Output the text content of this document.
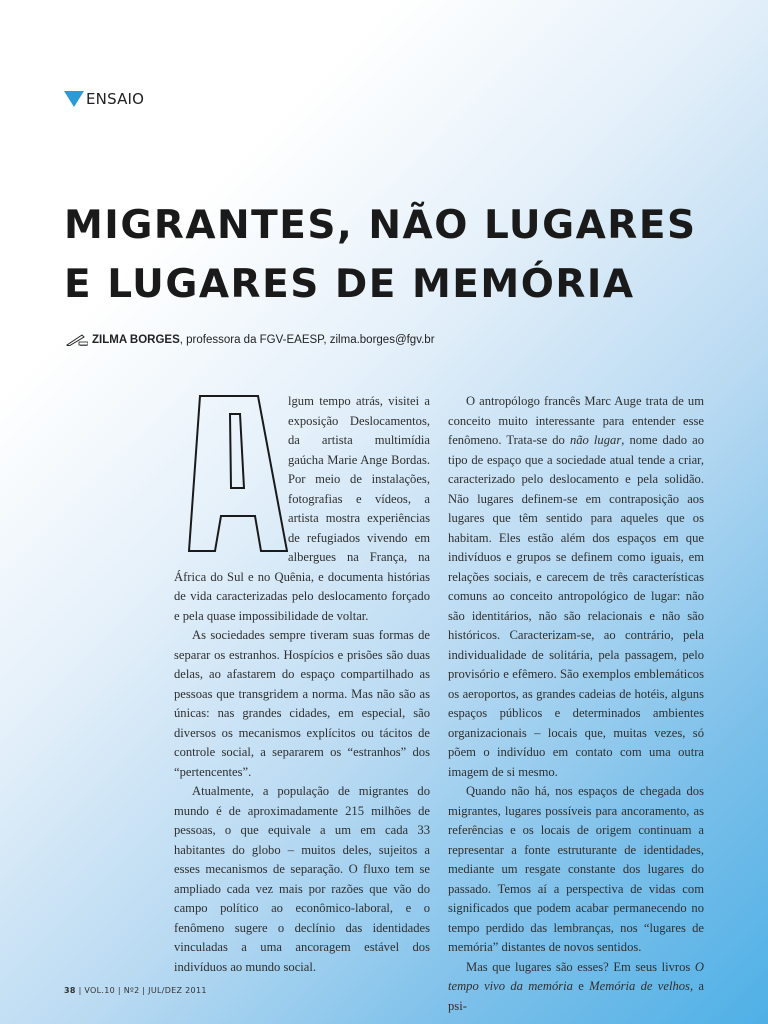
ENSAIO
MIGRANTES, NÃO LUGARES
E LUGARES DE MEMÓRIA
ZILMA BORGES , professora da FGV-EAESP, zilma.borges@fgv.br

lgum tempo atrás, visitei a exposição Deslocamentos, da artista multimídia gaúcha Marie Ange Bordas. Por meio de instalações, fotografias e vídeos, a artista mostra experiências de refugiados vivendo em albergues na França, na África do Sul e no Quênia, e documenta histórias de vida caracterizadas pelo deslocamento forçado e pela quase impossibilidade de voltar.

As sociedades sempre tiveram suas formas de separar os estranhos. Hospícios e prisões são duas delas, ao afastarem do espaço compartilhado as pessoas que transgridem a norma. Mas não são as únicas: nas grandes cidades, em especial, são diversos os mecanismos explícitos ou tácitos de controle social, a separarem os “estranhos” dos “pertencentes”.

Atualmente, a população de migrantes do mundo é de aproximadamente 215 milhões de pessoas, o que equivale a um em cada 33 habitantes do globo – muitos deles, sujeitos a esses mecanismos de separação. O fluxo tem se ampliado cada vez mais por razões que vão do campo político ao econômico-laboral, e o fenômeno sugere o declínio das identidades vinculadas a uma ancoragem estável dos indivíduos ao mundo social.

O antropólogo francês Marc Auge trata de um conceito muito interessante para entender esse fenômeno. Trata-se do não lugar, nome dado ao tipo de espaço que a sociedade atual tende a criar, caracterizado pelo deslocamento e pela solidão. Não lugares definem-se em contraposição aos lugares que têm sentido para aqueles que os habitam. Eles estão além dos espaços em que indivíduos e grupos se definem como iguais, em relações sociais, e carecem de três características comuns ao conceito antropológico de lugar: não são identitários, não são relacionais e não são históricos. Caracterizam-se, ao contrário, pela individualidade de solitária, pela passagem, pelo provisório e efêmero. São exemplos emblemáticos os aeroportos, as grandes cadeias de hotéis, alguns espaços públicos e determinados ambientes organizacionais – locais que, muitas vezes, só põem o indivíduo em contato com uma outra imagem de si mesmo.

Quando não há, nos espaços de chegada dos migrantes, lugares possíveis para ancoramento, as referências e os locais de origem continuam a representar a fonte estruturante de identidades, mediante um resgate constante dos lugares do passado. Temos aí a perspectiva de vidas com significados que podem acabar permanecendo no tempo perdido das lembranças, nos “lugares de memória” distantes de novos sentidos.

Mas que lugares são esses? Em seus livros O tempo vivo da memória e Memória de velhos, a psi-

38 | VOL.10 | Nº2 | JUL/DEZ 2011
